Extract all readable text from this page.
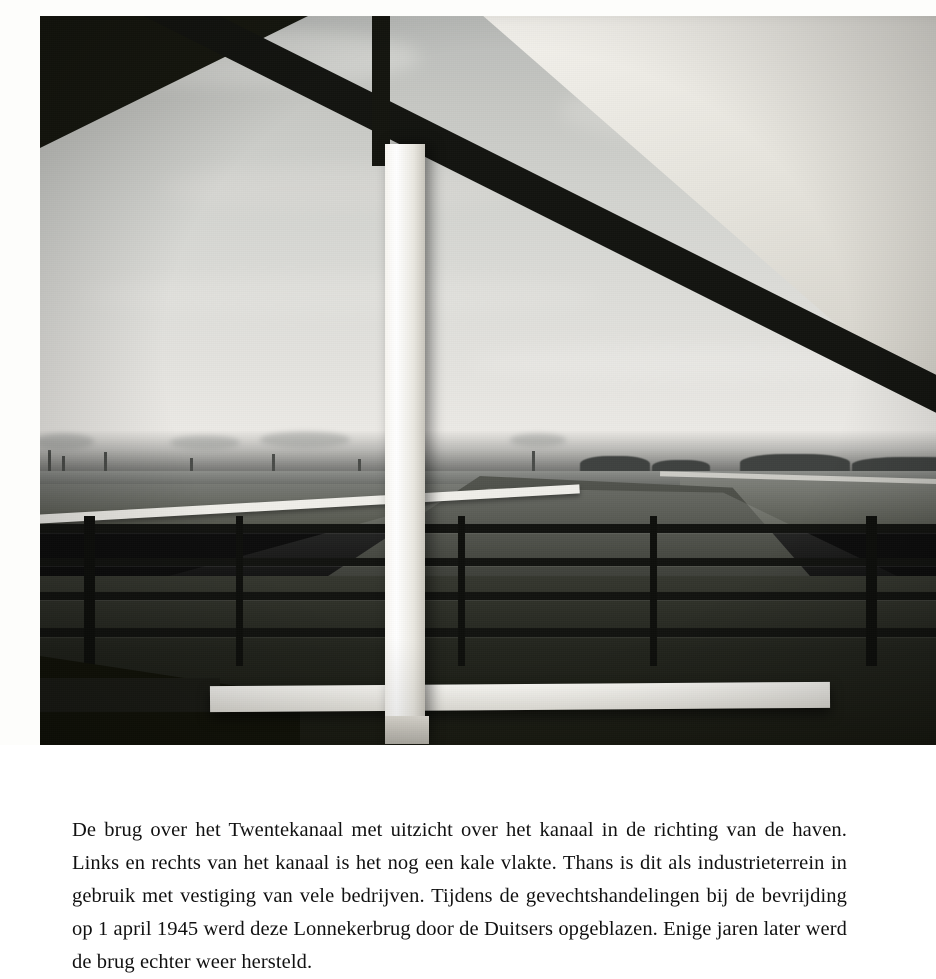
De brug over het Twentekanaal met uitzicht over het kanaal in de richting van de haven. Links en rechts van het kanaal is het nog een kale vlakte. Thans is dit als industrieterrein in gebruik met vestiging van vele bedrijven. Tijdens de gevechtshandelingen bij de bevrijding op 1 april 1945 werd deze Lonnekerbrug door de Duitsers opgeblazen. Enige jaren later werd de brug echter weer hersteld.
